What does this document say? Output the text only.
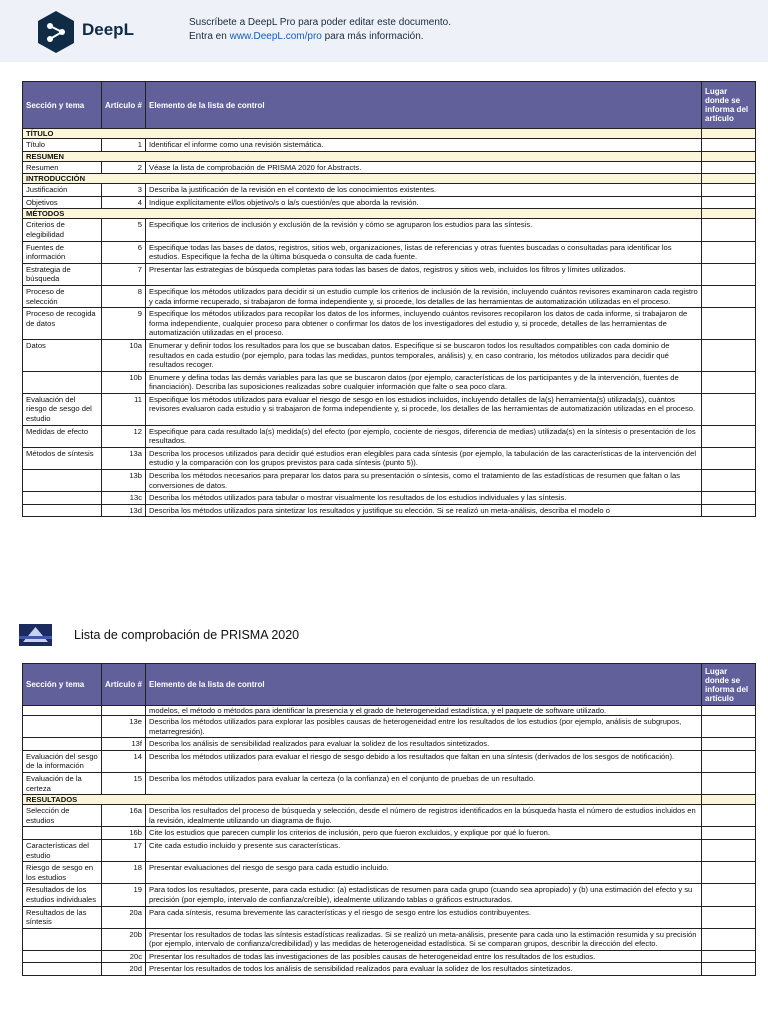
DeepL	Suscríbete a DeepL Pro para poder editar este documento.
Entra en www.DeepL.com/pro para más información.
Sección y tema	Artículo #	Elemento de la lista de control	Lugar donde se informa del artículo
TÍTULO			
Título	1	Identificar el informe como una revisión sistemática.	
RESUMEN			
Resumen	2	Véase la lista de comprobación de PRISMA 2020 for Abstracts.	
INTRODUCCIÓN			
Justificación	3	Describa la justificación de la revisión en el contexto de los conocimientos existentes.	
Objetivos	4	Indique explícitamente el/los objetivo/s o la/s cuestión/es que aborda la revisión.	
MÉTODOS			
Criterios de elegibilidad	5	Especifique los criterios de inclusión y exclusión de la revisión y cómo se agruparon los estudios para las síntesis.	
Fuentes de información	6	Especifique todas las bases de datos, registros, sitios web, organizaciones, listas de referencias y otras fuentes buscadas o consultadas para identificar los estudios. Especifique la fecha de la última búsqueda o consulta de cada fuente.	
Estrategia de búsqueda	7	Presentar las estrategias de búsqueda completas para todas las bases de datos, registros y sitios web, incluidos los filtros y límites utilizados.	
Proceso de selección	8	Especifique los métodos utilizados para decidir si un estudio cumple los criterios de inclusión de la revisión, incluyendo cuántos revisores examinaron cada registro y cada informe recuperado, si trabajaron de forma independiente y, si procede, los detalles de las herramientas de automatización utilizadas en el proceso.	
Proceso de recogida de datos	9	Especifique los métodos utilizados para recopilar los datos de los informes, incluyendo cuántos revisores recopilaron los datos de cada informe, si trabajaron de forma independiente, cualquier proceso para obtener o confirmar los datos de los investigadores del estudio y, si procede, detalles de las herramientas de automatización utilizadas en el proceso.	
Datos	10a	Enumerar y definir todos los resultados para los que se buscaban datos. Especifique si se buscaron todos los resultados compatibles con cada dominio de resultados en cada estudio (por ejemplo, para todas las medidas, puntos temporales, análisis) y, en caso contrario, los métodos utilizados para decidir qué resultados recoger.	
	10b	Enumere y defina todas las demás variables para las que se buscaron datos (por ejemplo, características de los participantes y de la intervención, fuentes de financiación). Describa las suposiciones realizadas sobre cualquier información que falte o sea poco clara.	
Evaluación del riesgo de sesgo del estudio	11	Especifique los métodos utilizados para evaluar el riesgo de sesgo en los estudios incluidos, incluyendo detalles de la(s) herramienta(s) utilizada(s), cuántos revisores evaluaron cada estudio y si trabajaron de forma independiente y, si procede, los detalles de las herramientas de automatización utilizadas en el proceso.	
Medidas de efecto	12	Especifique para cada resultado la(s) medida(s) del efecto (por ejemplo, cociente de riesgos, diferencia de medias) utilizada(s) en la síntesis o presentación de los resultados.	
Métodos de síntesis	13a	Describa los procesos utilizados para decidir qué estudios eran elegibles para cada síntesis (por ejemplo, la tabulación de las características de la intervención del estudio y la comparación con los grupos previstos para cada síntesis (punto 5)).	
	13b	Describa los métodos necesarios para preparar los datos para su presentación o síntesis, como el tratamiento de las estadísticas de resumen que faltan o las conversiones de datos.	
	13c	Describa los métodos utilizados para tabular o mostrar visualmente los resultados de los estudios individuales y las síntesis.	
	13d	Describa los métodos utilizados para sintetizar los resultados y justifique su elección. Si se realizó un meta-análisis, describa el modelo o	
Lista de comprobación de PRISMA 2020
Sección y tema	Artículo #	Elemento de la lista de control	Lugar donde se informa del artículo
		modelos, el método o métodos para identificar la presencia y el grado de heterogeneidad estadística, y el paquete de software utilizado.	
	13e	Describa los métodos utilizados para explorar las posibles causas de heterogeneidad entre los resultados de los estudios (por ejemplo, análisis de subgrupos, metarregresión).	
	13f	Describa los análisis de sensibilidad realizados para evaluar la solidez de los resultados sintetizados.	
Evaluación del sesgo de la información	14	Describa los métodos utilizados para evaluar el riesgo de sesgo debido a los resultados que faltan en una síntesis (derivados de los sesgos de notificación).	
Evaluación de la certeza	15	Describa los métodos utilizados para evaluar la certeza (o la confianza) en el conjunto de pruebas de un resultado.	
RESULTADOS			
Selección de estudios	16a	Describa los resultados del proceso de búsqueda y selección, desde el número de registros identificados en la búsqueda hasta el número de estudios incluidos en la revisión, idealmente utilizando un diagrama de flujo.	
	16b	Cite los estudios que parecen cumplir los criterios de inclusión, pero que fueron excluidos, y explique por qué lo fueron.	
Características del estudio	17	Cite cada estudio incluido y presente sus características.	
Riesgo de sesgo en los estudios	18	Presentar evaluaciones del riesgo de sesgo para cada estudio incluido.	
Resultados de los estudios individuales	19	Para todos los resultados, presente, para cada estudio: (a) estadísticas de resumen para cada grupo (cuando sea apropiado) y (b) una estimación del efecto y su precisión (por ejemplo, intervalo de confianza/creíble), idealmente utilizando tablas o gráficos estructurados.	
Resultados de las síntesis	20a	Para cada síntesis, resuma brevemente las características y el riesgo de sesgo entre los estudios contribuyentes.	
	20b	Presentar los resultados de todas las síntesis estadísticas realizadas. Si se realizó un meta-análisis, presente para cada uno la estimación resumida y su precisión (por ejemplo, intervalo de confianza/credibilidad) y las medidas de heterogeneidad estadística. Si se comparan grupos, describir la dirección del efecto.	
	20c	Presentar los resultados de todas las investigaciones de las posibles causas de heterogeneidad entre los resultados de los estudios.	
	20d	Presentar los resultados de todos los análisis de sensibilidad realizados para evaluar la solidez de los resultados sintetizados.	
